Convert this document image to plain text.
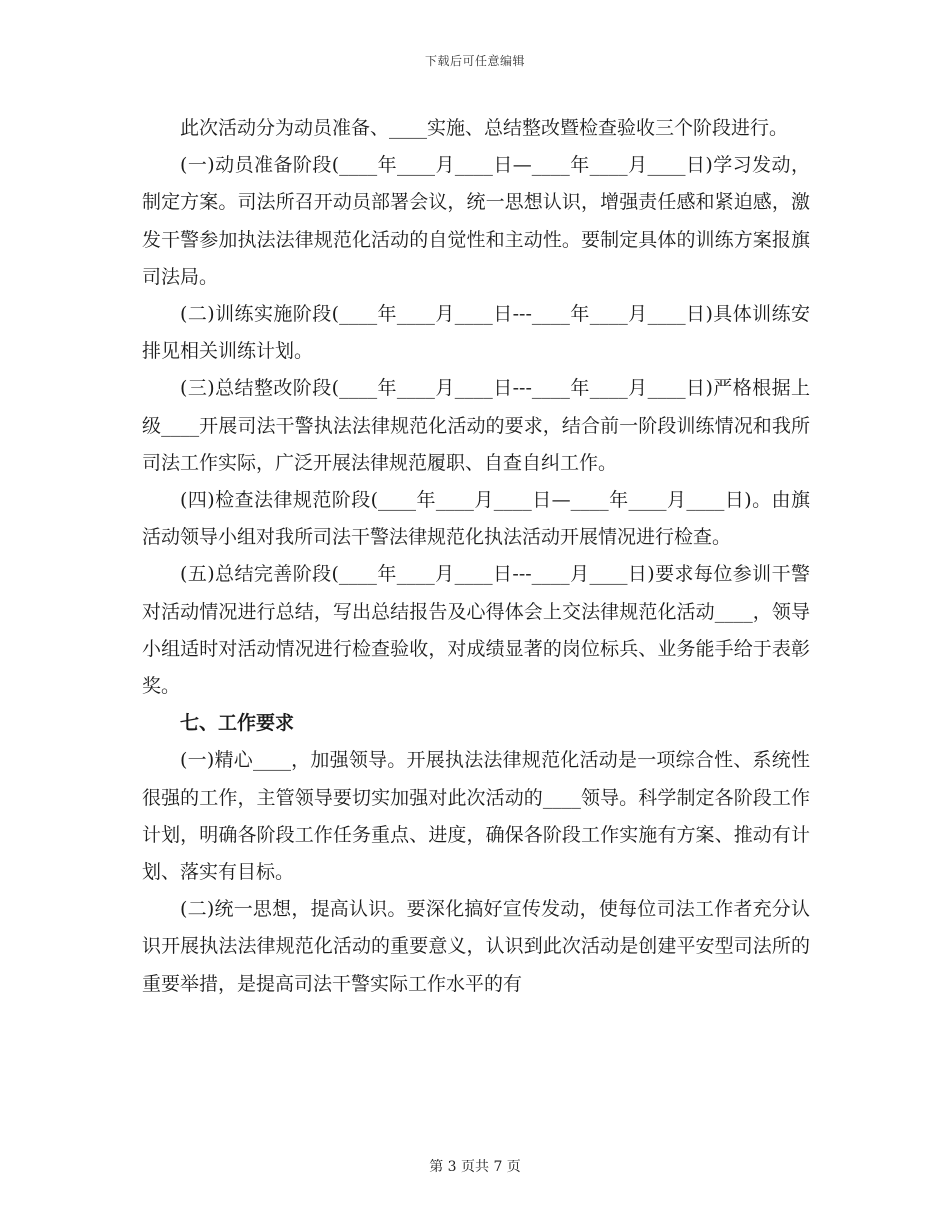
下载后可任意编辑

此次活动分为动员准备、____实施、总结整改暨检查验收三个阶段进行。

(一)动员准备阶段(____年____月____日—____年____月____日)学习发动，制定方案。司法所召开动员部署会议，统一思想认识，增强责任感和紧迫感，激发干警参加执法法律规范化活动的自觉性和主动性。要制定具体的训练方案报旗司法局。

(二)训练实施阶段(____年____月____日---____年____月____日)具体训练安排见相关训练计划。

(三)总结整改阶段(____年____月____日---____年____月____日)严格根据上级____开展司法干警执法法律规范化活动的要求，结合前一阶段训练情况和我所司法工作实际，广泛开展法律规范履职、自查自纠工作。

(四)检查法律规范阶段(____年____月____日—____年____月____日)。由旗活动领导小组对我所司法干警法律规范化执法活动开展情况进行检查。

(五)总结完善阶段(____年____月____日---____月____日)要求每位参训干警对活动情况进行总结，写出总结报告及心得体会上交法律规范化活动____，领导小组适时对活动情况进行检查验收，对成绩显著的岗位标兵、业务能手给于表彰奖。

七、工作要求

(一)精心____，加强领导。开展执法法律规范化活动是一项综合性、系统性很强的工作，主管领导要切实加强对此次活动的____领导。科学制定各阶段工作计划，明确各阶段工作任务重点、进度，确保各阶段工作实施有方案、推动有计划、落实有目标。

(二)统一思想，提高认识。要深化搞好宣传发动，使每位司法工作者充分认识开展执法法律规范化活动的重要意义，认识到此次活动是创建平安型司法所的重要举措，是提高司法干警实际工作水平的有

第 3 页共 7 页
